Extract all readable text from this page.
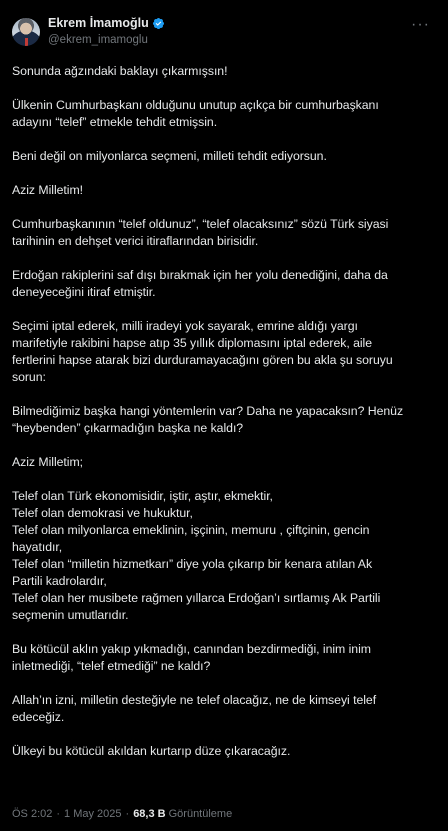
Ekrem İmamoğlu
@ekrem_imamoglu
···

Sonunda ağzındaki baklayı çıkarmışsın!

Ülkenin Cumhurbaşkanı olduğunu unutup açıkça bir cumhurbaşkanı
adayını “telef” etmekle tehdit etmişsin.

Beni değil on milyonlarca seçmeni, milleti tehdit ediyorsun.

Aziz Milletim!

Cumhurbaşkanının “telef oldunuz”, “telef olacaksınız” sözü Türk siyasi
tarihinin en dehşet verici itiraflarından birisidir.

Erdoğan rakiplerini saf dışı bırakmak için her yolu denediğini, daha da
deneyeceğini itiraf etmiştir.

Seçimi iptal ederek, milli iradeyi yok sayarak, emrine aldığı yargı
marifetiyle rakibini hapse atıp 35 yıllık diplomasını iptal ederek, aile
fertlerini hapse atarak bizi durduramayacağını gören bu akla şu soruyu
sorun:

Bilmediğimiz başka hangi yöntemlerin var? Daha ne yapacaksın? Henüz
“heybenden” çıkarmadığın başka ne kaldı?

Aziz Milletim;

Telef olan Türk ekonomisidir, iştir, aştır, ekmektir,
Telef olan demokrasi ve hukuktur,
Telef olan milyonlarca emeklinin, işçinin, memuru , çiftçinin, gencin
hayatıdır,
Telef olan “milletin hizmetkarı” diye yola çıkarıp bir kenara atılan Ak
Partili kadrolardır,
Telef olan her musibete rağmen yıllarca Erdoğan’ı sırtlamış Ak Partili
seçmenin umutlarıdır.

Bu kötücül aklın yakıp yıkmadığı, canından bezdirmediği, inim inim
inletmediği, “telef etmediği” ne kaldı?

Allah’ın izni, milletin desteğiyle ne telef olacağız, ne de kimseyi telef
edeceğiz.

Ülkeyi bu kötücül akıldan kurtarıp düze çıkaracağız.

ÖS 2:02 · 1 May 2025 · 68,3 B Görüntüleme
